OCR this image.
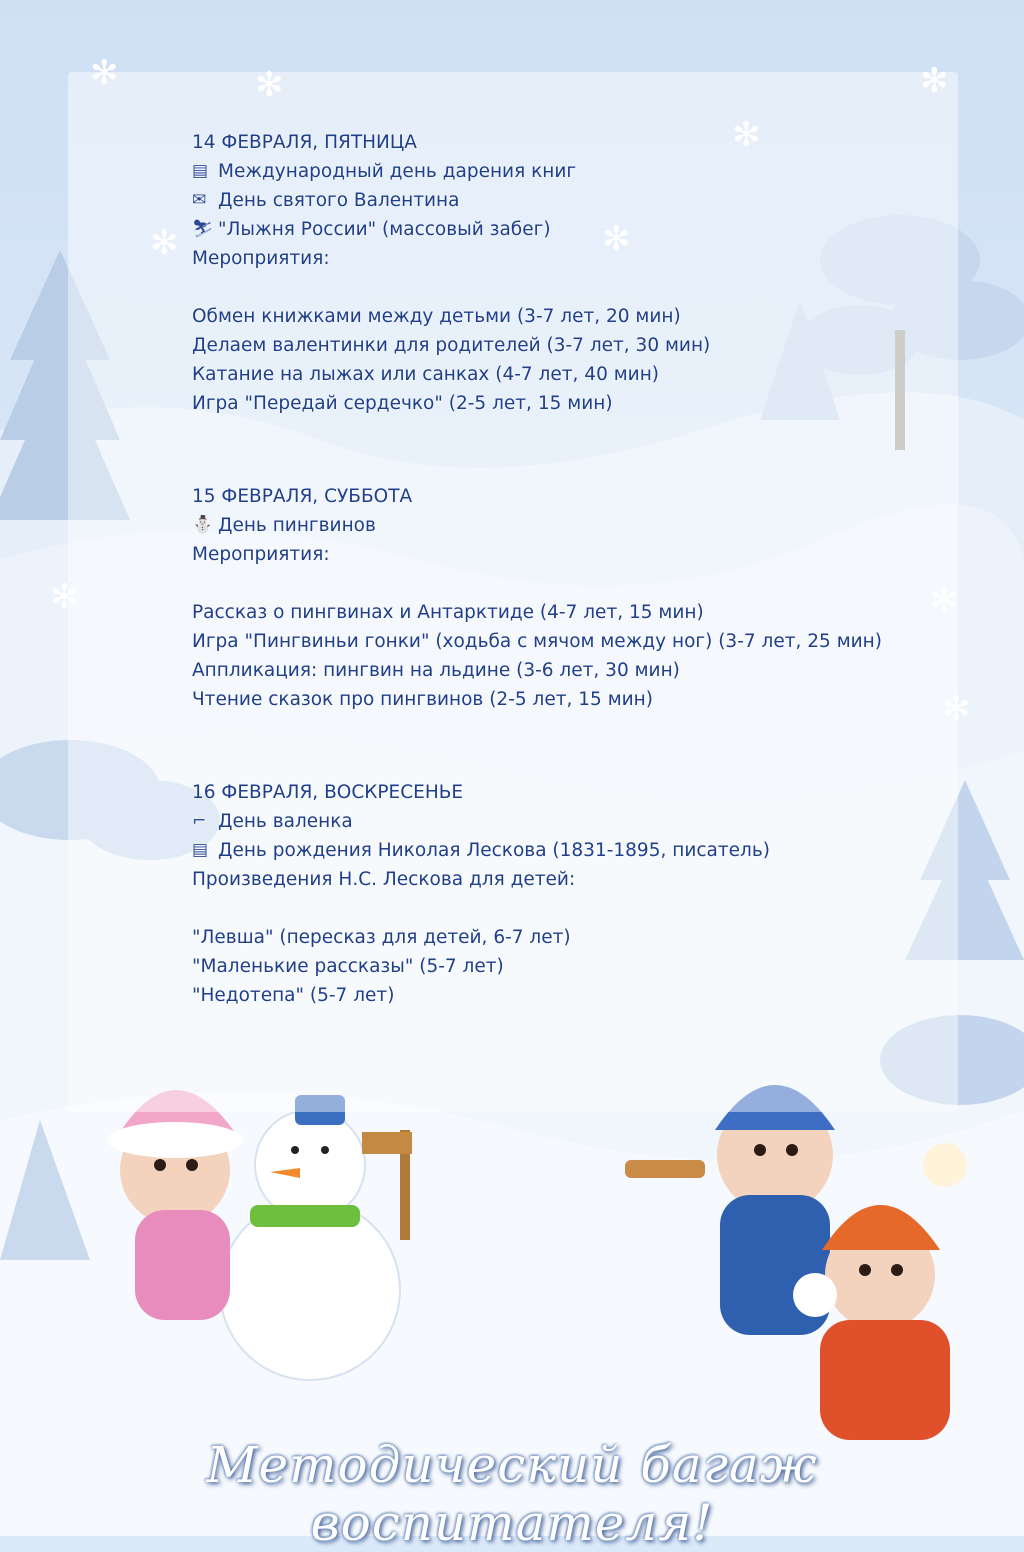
✻	✻	✻
✻
✻
✻
✻	✻
✻
14 ФЕВРАЛЯ, ПЯТНИЦА
▤ Международный день дарения книг
✉ День святого Валентина
⛷ "Лыжня России" (массовый забег)
Мероприятия:
Обмен книжками между детьми (3-7 лет, 20 мин)
Делаем валентинки для родителей (3-7 лет, 30 мин)
Катание на лыжах или санках (4-7 лет, 40 мин)
Игра "Передай сердечко" (2-5 лет, 15 мин)
15 ФЕВРАЛЯ, СУББОТА
⛄ День пингвинов
Мероприятия:
Рассказ о пингвинах и Антарктиде (4-7 лет, 15 мин)
Игра "Пингвиньи гонки" (ходьба с мячом между ног) (3-7 лет, 25 мин)
Аппликация: пингвин на льдине (3-6 лет, 30 мин)
Чтение сказок про пингвинов (2-5 лет, 15 мин)
16 ФЕВРАЛЯ, ВОСКРЕСЕНЬЕ
⌐ День валенка
▤ День рождения Николая Лескова (1831-1895, писатель)
Произведения Н.С. Лескова для детей:
"Левша" (пересказ для детей, 6-7 лет)
"Маленькие рассказы" (5-7 лет)
"Недотепа" (5-7 лет)
Методический багаж воспитателя!
